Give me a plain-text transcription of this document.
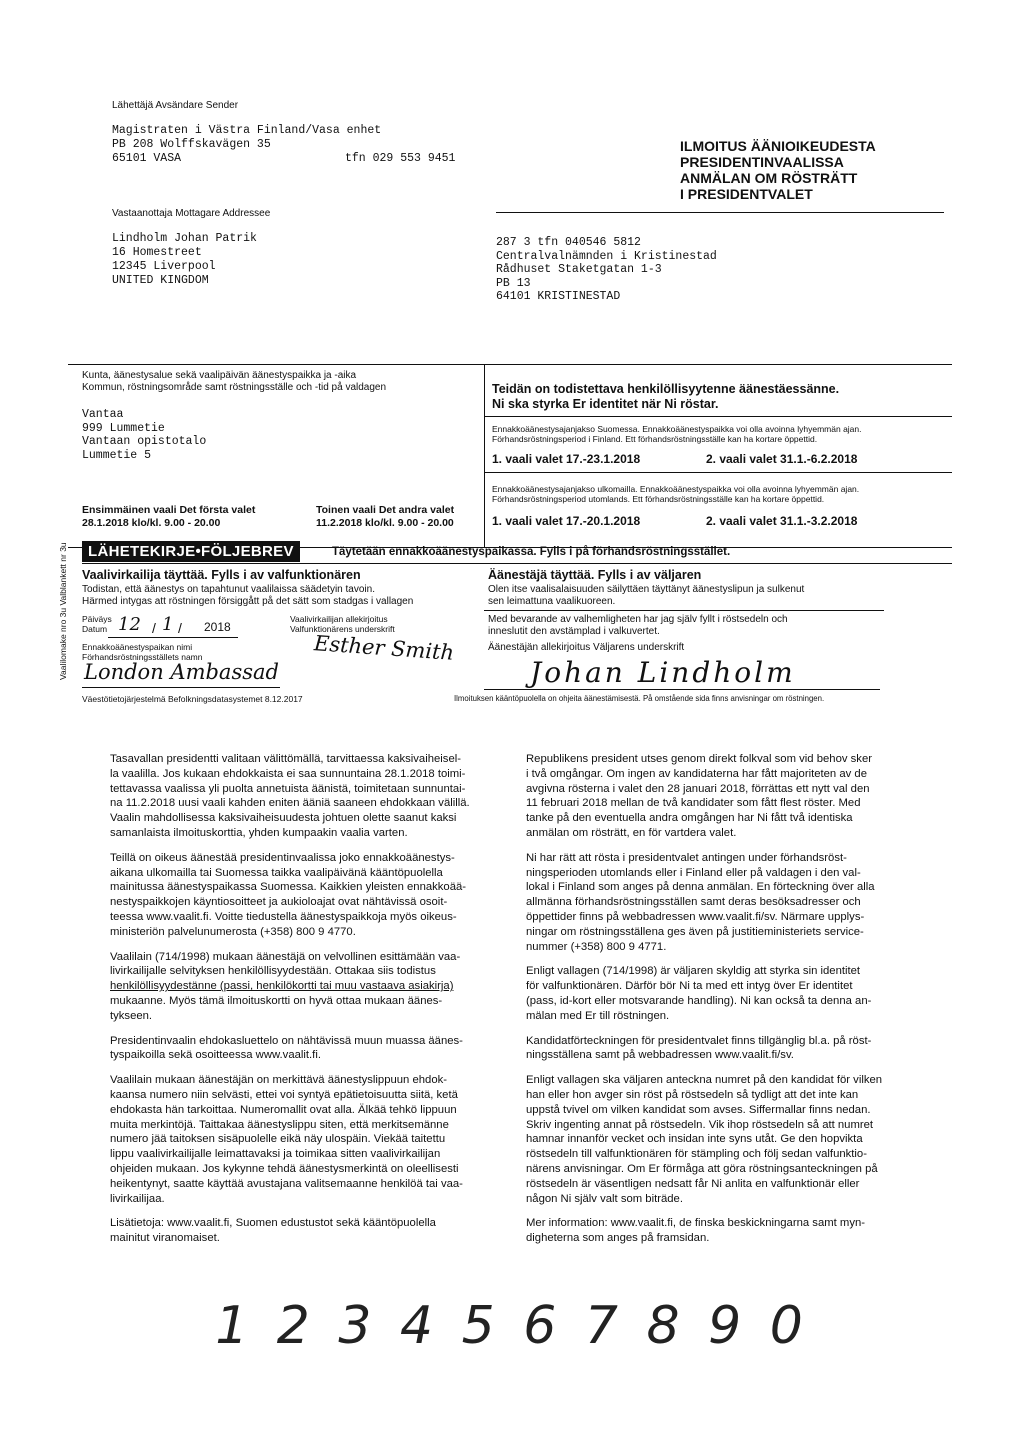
Lähettäjä Avsändare Sender
Magistraten i Västra Finland/Vasa enhet
PB 208 Wolffskavägen 35
65101 VASA	tfn 029 553 9451
Vastaanottaja Mottagare Addressee
Lindholm Johan Patrik
16 Homestreet
12345 Liverpool
UNITED KINGDOM
ILMOITUS ÄÄNIOIKEUDESTA
PRESIDENTINVAALISSA
ANMÄLAN OM RÖSTRÄTT
I PRESIDENTVALET
287 3 tfn 040546 5812
Centralvalnämnden i Kristinestad
Rådhuset Staketgatan 1-3
PB 13
64101 KRISTINESTAD
Kunta, äänestysalue sekä vaalipäivän äänestyspaikka ja -aika
Kommun, röstningsområde samt röstningsställe och -tid på valdagen
Vantaa
999 Lummetie
Vantaan opistotalo
Lummetie 5
Ensimmäinen vaali Det första valet
28.1.2018 klo/kl. 9.00 - 20.00
Toinen vaali Det andra valet
11.2.2018 klo/kl. 9.00 - 20.00
Teidän on todistettava henkilöllisyytenne äänestäessänne.
Ni ska styrka Er identitet när Ni röstar.
Ennakkoäänestysajanjakso Suomessa. Ennakkoäänestyspaikka voi olla avoinna lyhyemmän ajan.
Förhandsröstningsperiod i Finland. Ett förhandsröstningsställe kan ha kortare öppettid.
1. vaali valet 17.-23.1.2018	2. vaali valet 31.1.-6.2.2018
Ennakkoäänestysajanjakso ulkomailla. Ennakkoäänestyspaikka voi olla avoinna lyhyemmän ajan.
Förhandsröstningsperiod utomlands. Ett förhandsröstningsställe kan ha kortare öppettid.
1. vaali valet 17.-20.1.2018	2. vaali valet 31.1.-3.2.2018
LÄHETEKIRJE•FÖLJEBREV	Täytetään ennakkoäänestyspaikassa. Fylls i på förhandsröstningsstället.
Vaalivirkailija täyttää. Fylls i av valfunktionären
Todistan, että äänestys on tapahtunut vaalilaissa säädetyin tavoin.
Härmed intygas att röstningen försiggått på det sätt som stadgas i vallagen
Päiväys
Datum 12 / 1 / 2018
Vaalivirkailijan allekirjoitus
Valfunktionärens underskrift
Esther Smith
Ennakkoäänestyspaikan nimi
Förhandsröstningsställets namn
London Ambassad
Äänestäjä täyttää. Fylls i av väljaren
Olen itse vaalisalaisuuden säilyttäen täyttänyt äänestyslipun ja sulkenut
sen leimattuna vaalikuoreen.
Med bevarande av valhemligheten har jag själv fyllt i röstsedeln och
inneslutit den avstämplad i valkuvertet.
Äänestäjän allekirjoitus Väljarens underskrift
Johan Lindholm
Vaalilomake nro 3u Valblankett nr 3u
Väestötietojärjestelmä Befolkningsdatasystemet 8.12.2017	Ilmoituksen kääntöpuolella on ohjeita äänestämisestä. På omstående sida finns anvisningar om röstningen.

Tasavallan presidentti valitaan välittömällä, tarvittaessa kaksivaiheisel-
la vaalilla. Jos kukaan ehdokkaista ei saa sunnuntaina 28.1.2018 toimi-
tettavassa vaalissa yli puolta annetuista äänistä, toimitetaan sunnuntai-
na 11.2.2018 uusi vaali kahden eniten ääniä saaneen ehdokkaan välillä.
Vaalin mahdollisessa kaksivaiheisuudesta johtuen olette saanut kaksi
samanlaista ilmoituskorttia, yhden kumpaakin vaalia varten.

Teillä on oikeus äänestää presidentinvaalissa joko ennakkoäänestys-
aikana ulkomailla tai Suomessa taikka vaalipäivänä kääntöpuolella
mainitussa äänestyspaikassa Suomessa. Kaikkien yleisten ennakkoää-
nestyspaikkojen käyntiosoitteet ja aukioloajat ovat nähtävissä osoit-
teessa www.vaalit.fi. Voitte tiedustella äänestyspaikkoja myös oikeus-
ministeriön palvelunumerosta (+358) 800 9 4770.

Vaalilain (714/1998) mukaan äänestäjä on velvollinen esittämään vaa-
livirkailijalle selvityksen henkilöllisyydestään. Ottakaa siis todistus
henkilöllisyydestänne (passi, henkilökortti tai muu vastaava asiakirja)
mukaanne. Myös tämä ilmoituskortti on hyvä ottaa mukaan äänes-
tykseen.

Presidentinvaalin ehdokasluettelo on nähtävissä muun muassa äänes-
tyspaikoilla sekä osoitteessa www.vaalit.fi.

Vaalilain mukaan äänestäjän on merkittävä äänestyslippuun ehdok-
kaansa numero niin selvästi, ettei voi syntyä epätietoisuutta siitä, ketä
ehdokasta hän tarkoittaa. Numeromallit ovat alla. Älkää tehkö lippuun
muita merkintöjä. Taittakaa äänestyslippu siten, että merkitsemänne
numero jää taitoksen sisäpuolelle eikä näy ulospäin. Viekää taitettu
lippu vaalivirkailijalle leimattavaksi ja toimikaa sitten vaalivirkailijan
ohjeiden mukaan. Jos kykynne tehdä äänestysmerkintä on oleellisesti
heikentynyt, saatte käyttää avustajana valitsemaanne henkilöä tai vaa-
livirkailijaa.

Lisätietoja: www.vaalit.fi, Suomen edustustot sekä kääntöpuolella
mainitut viranomaiset.

Republikens president utses genom direkt folkval som vid behov sker
i två omgångar. Om ingen av kandidaterna har fått majoriteten av de
avgivna rösterna i valet den 28 januari 2018, förrättas ett nytt val den
11 februari 2018 mellan de två kandidater som fått flest röster. Med
tanke på den eventuella andra omgången har Ni fått två identiska
anmälan om rösträtt, en för vartdera valet.

Ni har rätt att rösta i presidentvalet antingen under förhandsröst-
ningsperioden utomlands eller i Finland eller på valdagen i den val-
lokal i Finland som anges på denna anmälan. En förteckning över alla
allmänna förhandsröstningsställen samt deras besöksadresser och
öppettider finns på webbadressen www.vaalit.fi/sv. Närmare upplys-
ningar om röstningsställena ges även på justitieministeriets service-
nummer (+358) 800 9 4771.

Enligt vallagen (714/1998) är väljaren skyldig att styrka sin identitet
för valfunktionären. Därför bör Ni ta med ett intyg över Er identitet
(pass, id-kort eller motsvarande handling). Ni kan också ta denna an-
mälan med Er till röstningen.

Kandidatförteckningen för presidentvalet finns tillgänglig bl.a. på röst-
ningsställena samt på webbadressen www.vaalit.fi/sv.

Enligt vallagen ska väljaren anteckna numret på den kandidat för vilken
han eller hon avger sin röst på röstsedeln så tydligt att det inte kan
uppstå tvivel om vilken kandidat som avses. Siffermallar finns nedan.
Skriv ingenting annat på röstsedeln. Vik ihop röstsedeln så att numret
hamnar innanför vecket och insidan inte syns utåt. Ge den hopvikta
röstsedeln till valfunktionären för stämpling och följ sedan valfunktio-
närens anvisningar. Om Er förmåga att göra röstningsanteckningen på
röstsedeln är väsentligen nedsatt får Ni anlita en valfunktionär eller
någon Ni själv valt som biträde.

Mer information: www.vaalit.fi, de finska beskickningarna samt myn-
digheterna som anges på framsidan.

1 2 3 4 5 6 7 8 9 0
